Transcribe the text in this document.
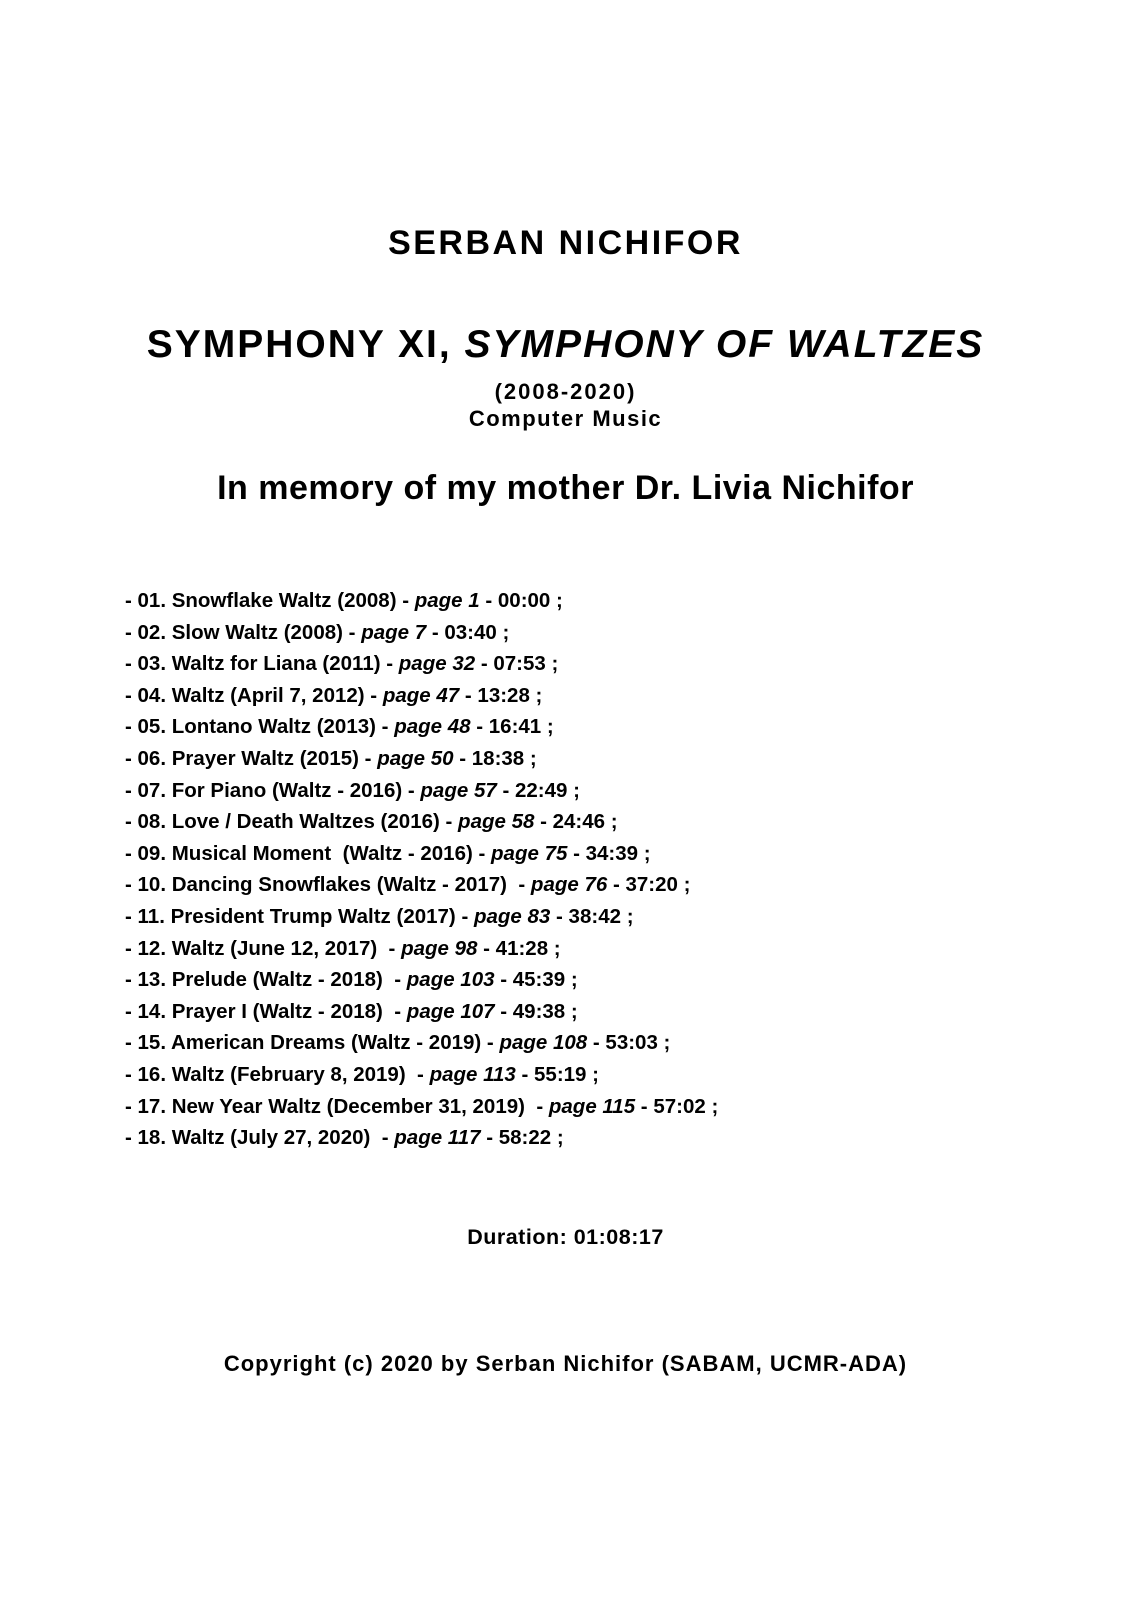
SERBAN NICHIFOR
SYMPHONY XI, SYMPHONY OF WALTZES
(2008-2020)
Computer Music
In memory of my mother Dr. Livia Nichifor
- 01. Snowflake Waltz (2008) - page 1 - 00:00 ;
- 02. Slow Waltz (2008) - page 7 - 03:40 ;
- 03. Waltz for Liana (2011) - page 32 - 07:53 ;
- 04. Waltz (April 7, 2012) - page 47 - 13:28 ;
- 05. Lontano Waltz (2013) - page 48 - 16:41 ;
- 06. Prayer Waltz (2015) - page 50 - 18:38 ;
- 07. For Piano (Waltz - 2016) - page 57 - 22:49 ;
- 08. Love / Death Waltzes (2016) - page 58 - 24:46 ;
- 09. Musical Moment  (Waltz - 2016) - page 75 - 34:39 ;
- 10. Dancing Snowflakes (Waltz - 2017)  - page 76 - 37:20 ;
- 11. President Trump Waltz (2017) - page 83 - 38:42 ;
- 12. Waltz (June 12, 2017)  - page 98 - 41:28 ;
- 13. Prelude (Waltz - 2018)  - page 103 - 45:39 ;
- 14. Prayer I (Waltz - 2018)  - page 107 - 49:38 ;
- 15. American Dreams (Waltz - 2019) - page 108 - 53:03 ;
- 16. Waltz (February 8, 2019)  - page 113 - 55:19 ;
- 17. New Year Waltz (December 31, 2019)  - page 115 - 57:02 ;
- 18. Waltz (July 27, 2020)  - page 117 - 58:22 ;
Duration: 01:08:17
Copyright (c) 2020 by Serban Nichifor (SABAM, UCMR-ADA)
